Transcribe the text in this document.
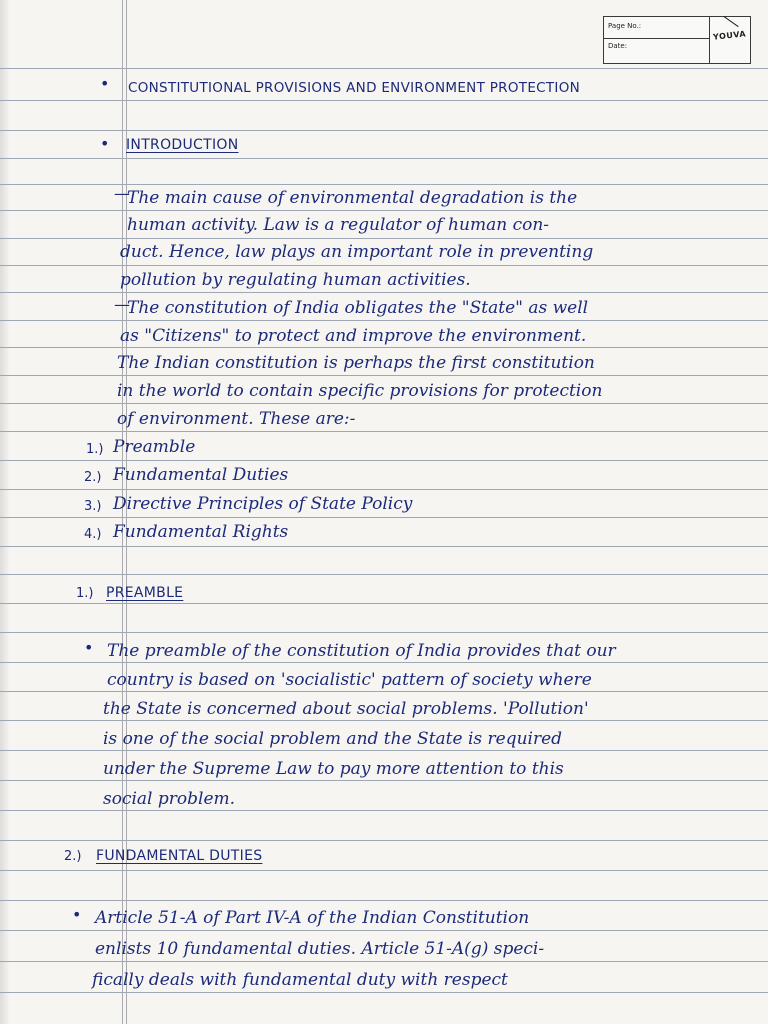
Page No.:
Date:
YOUVA
• CONSTITUTIONAL PROVISIONS AND ENVIRONMENT PROTECTION
• INTRODUCTION
—
The main cause of environmental degradation is the
human activity. Law is a regulator of human con-
duct. Hence, law plays an important role in preventing
pollution by regulating human activities.
—
The constitution of India obligates the "State" as well
as "Citizens" to protect and improve the environment.
The Indian constitution is perhaps the first constitution
in the world to contain specific provisions for protection
of environment. These are:-
1.) Preamble
2.) Fundamental Duties
3.) Directive Principles of State Policy
4.) Fundamental Rights
1.) PREAMBLE
• The preamble of the constitution of India provides that our
country is based on 'socialistic' pattern of society where
the State is concerned about social problems. 'Pollution'
is one of the social problem and the State is required
under the Supreme Law to pay more attention to this
social problem.
2.) FUNDAMENTAL DUTIES
• Article 51-A of Part IV-A of the Indian Constitution
enlists 10 fundamental duties. Article 51-A(g) speci-
fically deals with fundamental duty with respect
